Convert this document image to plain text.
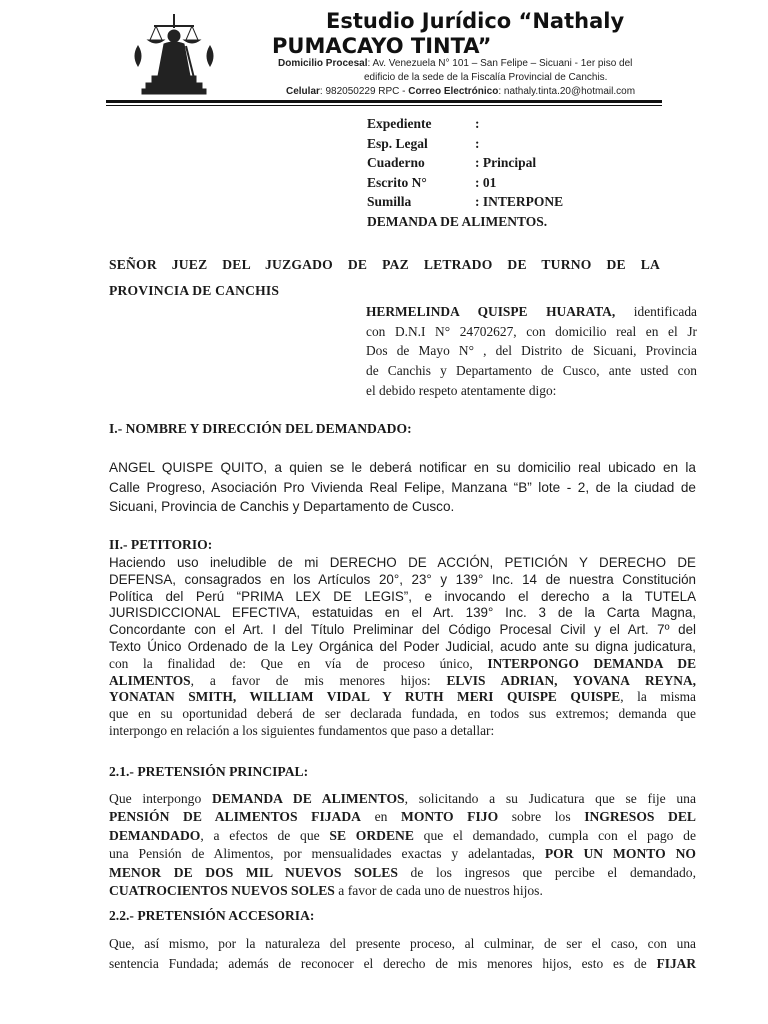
Estudio Jurídico “Nathaly
PUMACAYO TINTA”
Domicilio Procesal: Av. Venezuela N° 101 – San Felipe – Sicuani - 1er piso del
edificio de la sede de la Fiscalía Provincial de Canchis.
Celular: 982050229 RPC - Correo Electrónico: nathaly.tinta.20@hotmail.com
Expediente	:
Esp. Legal	:
Cuaderno	: Principal
Escrito N°	: 01
Sumilla	: INTERPONE
DEMANDA DE ALIMENTOS.
SEÑOR JUEZ DEL JUZGADO DE PAZ LETRADO DE TURNO DE LA
PROVINCIA DE CANCHIS
HERMELINDA QUISPE HUARATA, identificada
con D.N.I N° 24702627, con domicilio real en el Jr
Dos de Mayo N° , del Distrito de Sicuani, Provincia
de Canchis y Departamento de Cusco, ante usted con
el debido respeto atentamente digo:
I.- NOMBRE Y DIRECCIÓN DEL DEMANDADO:
ANGEL QUISPE QUITO, a quien se le deberá notificar en su domicilio real ubicado en la
Calle Progreso, Asociación Pro Vivienda Real Felipe, Manzana “B” lote - 2, de la ciudad de
Sicuani, Provincia de Canchis y Departamento de Cusco.
II.- PETITORIO:
Haciendo uso ineludible de mi DERECHO DE ACCIÓN, PETICIÓN Y DERECHO DE
DEFENSA, consagrados en los Artículos 20°, 23° y 139° Inc. 14 de nuestra Constitución
Política del Perú “PRIMA LEX DE LEGIS”, e invocando el derecho a la TUTELA
JURISDICCIONAL EFECTIVA, estatuidas en el Art. 139° Inc. 3 de la Carta Magna,
Concordante con el Art. I del Título Preliminar del Código Procesal Civil y el Art. 7º del
Texto Único Ordenado de la Ley Orgánica del Poder Judicial, acudo ante su digna judicatura,
con la finalidad de: Que en vía de proceso único, INTERPONGO DEMANDA DE
ALIMENTOS, a favor de mis menores hijos: ELVIS ADRIAN, YOVANA REYNA,
YONATAN SMITH, WILLIAM VIDAL Y RUTH MERI QUISPE QUISPE, la misma
que en su oportunidad deberá de ser declarada fundada, en todos sus extremos; demanda que
interpongo en relación a los siguientes fundamentos que paso a detallar:
2.1.- PRETENSIÓN PRINCIPAL:
Que interpongo DEMANDA DE ALIMENTOS, solicitando a su Judicatura que se fije una
PENSIÓN DE ALIMENTOS FIJADA en MONTO FIJO sobre los INGRESOS DEL
DEMANDADO, a efectos de que SE ORDENE que el demandado, cumpla con el pago de
una Pensión de Alimentos, por mensualidades exactas y adelantadas, POR UN MONTO NO
MENOR DE DOS MIL NUEVOS SOLES de los ingresos que percibe el demandado,
CUATROCIENTOS NUEVOS SOLES a favor de cada uno de nuestros hijos.
2.2.- PRETENSIÓN ACCESORIA:
Que, así mismo, por la naturaleza del presente proceso, al culminar, de ser el caso, con una
sentencia Fundada; además de reconocer el derecho de mis menores hijos, esto es de FIJAR
